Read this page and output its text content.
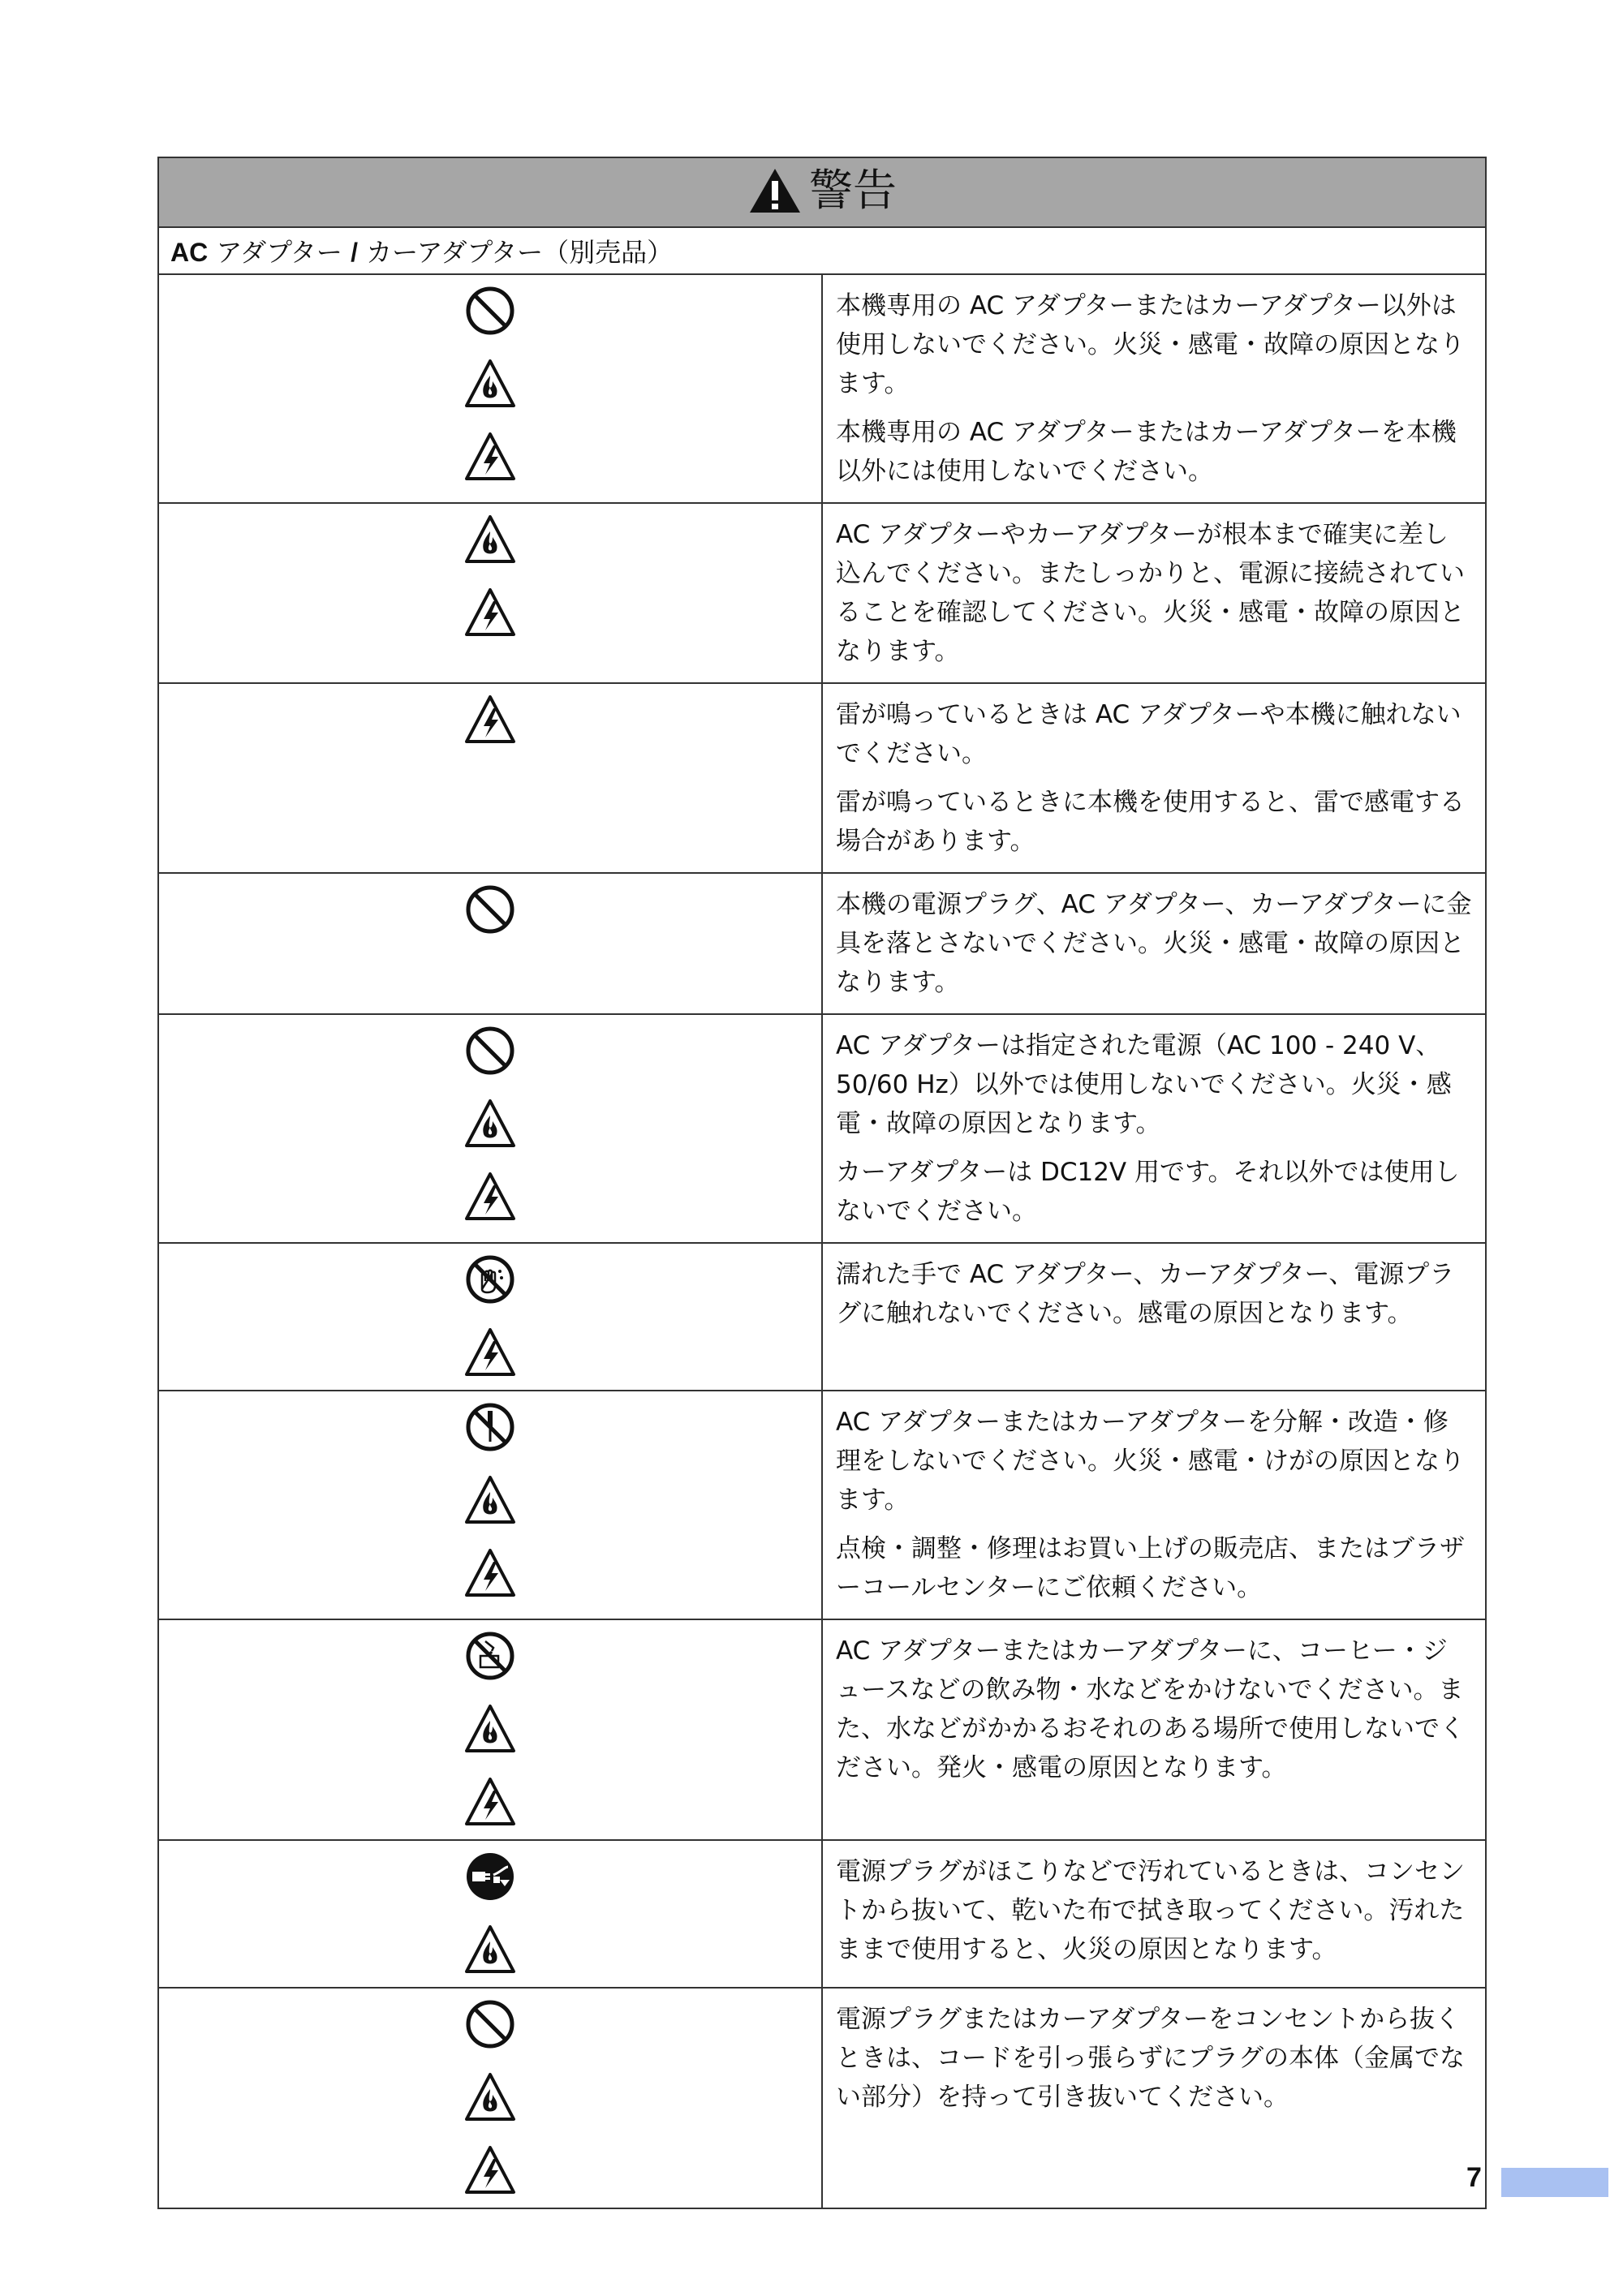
警告	

AC アダプター / カーアダプター（別売品）	

本機専用の AC アダプターまたはカーアダプター以外は使用しないでください。火災・感電・故障の原因となります。

本機専用の AC アダプターまたはカーアダプターを本機以外には使用しないでください。

AC アダプターやカーアダプターが根本まで確実に差し込んでください。またしっかりと、電源に接続されていることを確認してください。火災・感電・故障の原因となります。

雷が鳴っているときは AC アダプターや本機に触れないでください。

雷が鳴っているときに本機を使用すると、雷で感電する場合があります。

本機の電源プラグ、AC アダプター、カーアダプターに金具を落とさないでください。火災・感電・故障の原因となります。

AC アダプターは指定された電源（AC 100 - 240 V、50/60 Hz）以外では使用しないでください。火災・感電・故障の原因となります。

カーアダプターは DC12V 用です。それ以外では使用しないでください。

濡れた手で AC アダプター、カーアダプター、電源プラグに触れないでください。感電の原因となります。

AC アダプターまたはカーアダプターを分解・改造・修理をしないでください。火災・感電・けがの原因となります。

点検・調整・修理はお買い上げの販売店、またはブラザーコールセンターにご依頼ください。

AC アダプターまたはカーアダプターに、コーヒー・ジュースなどの飲み物・水などをかけないでください。また、水などがかかるおそれのある場所で使用しないでください。発火・感電の原因となります。

電源プラグがほこりなどで汚れているときは、コンセントから抜いて、乾いた布で拭き取ってください。汚れたままで使用すると、火災の原因となります。

電源プラグまたはカーアダプターをコンセントから抜くときは、コードを引っ張らずにプラグの本体（金属でない部分）を持って引き抜いてください。

7
